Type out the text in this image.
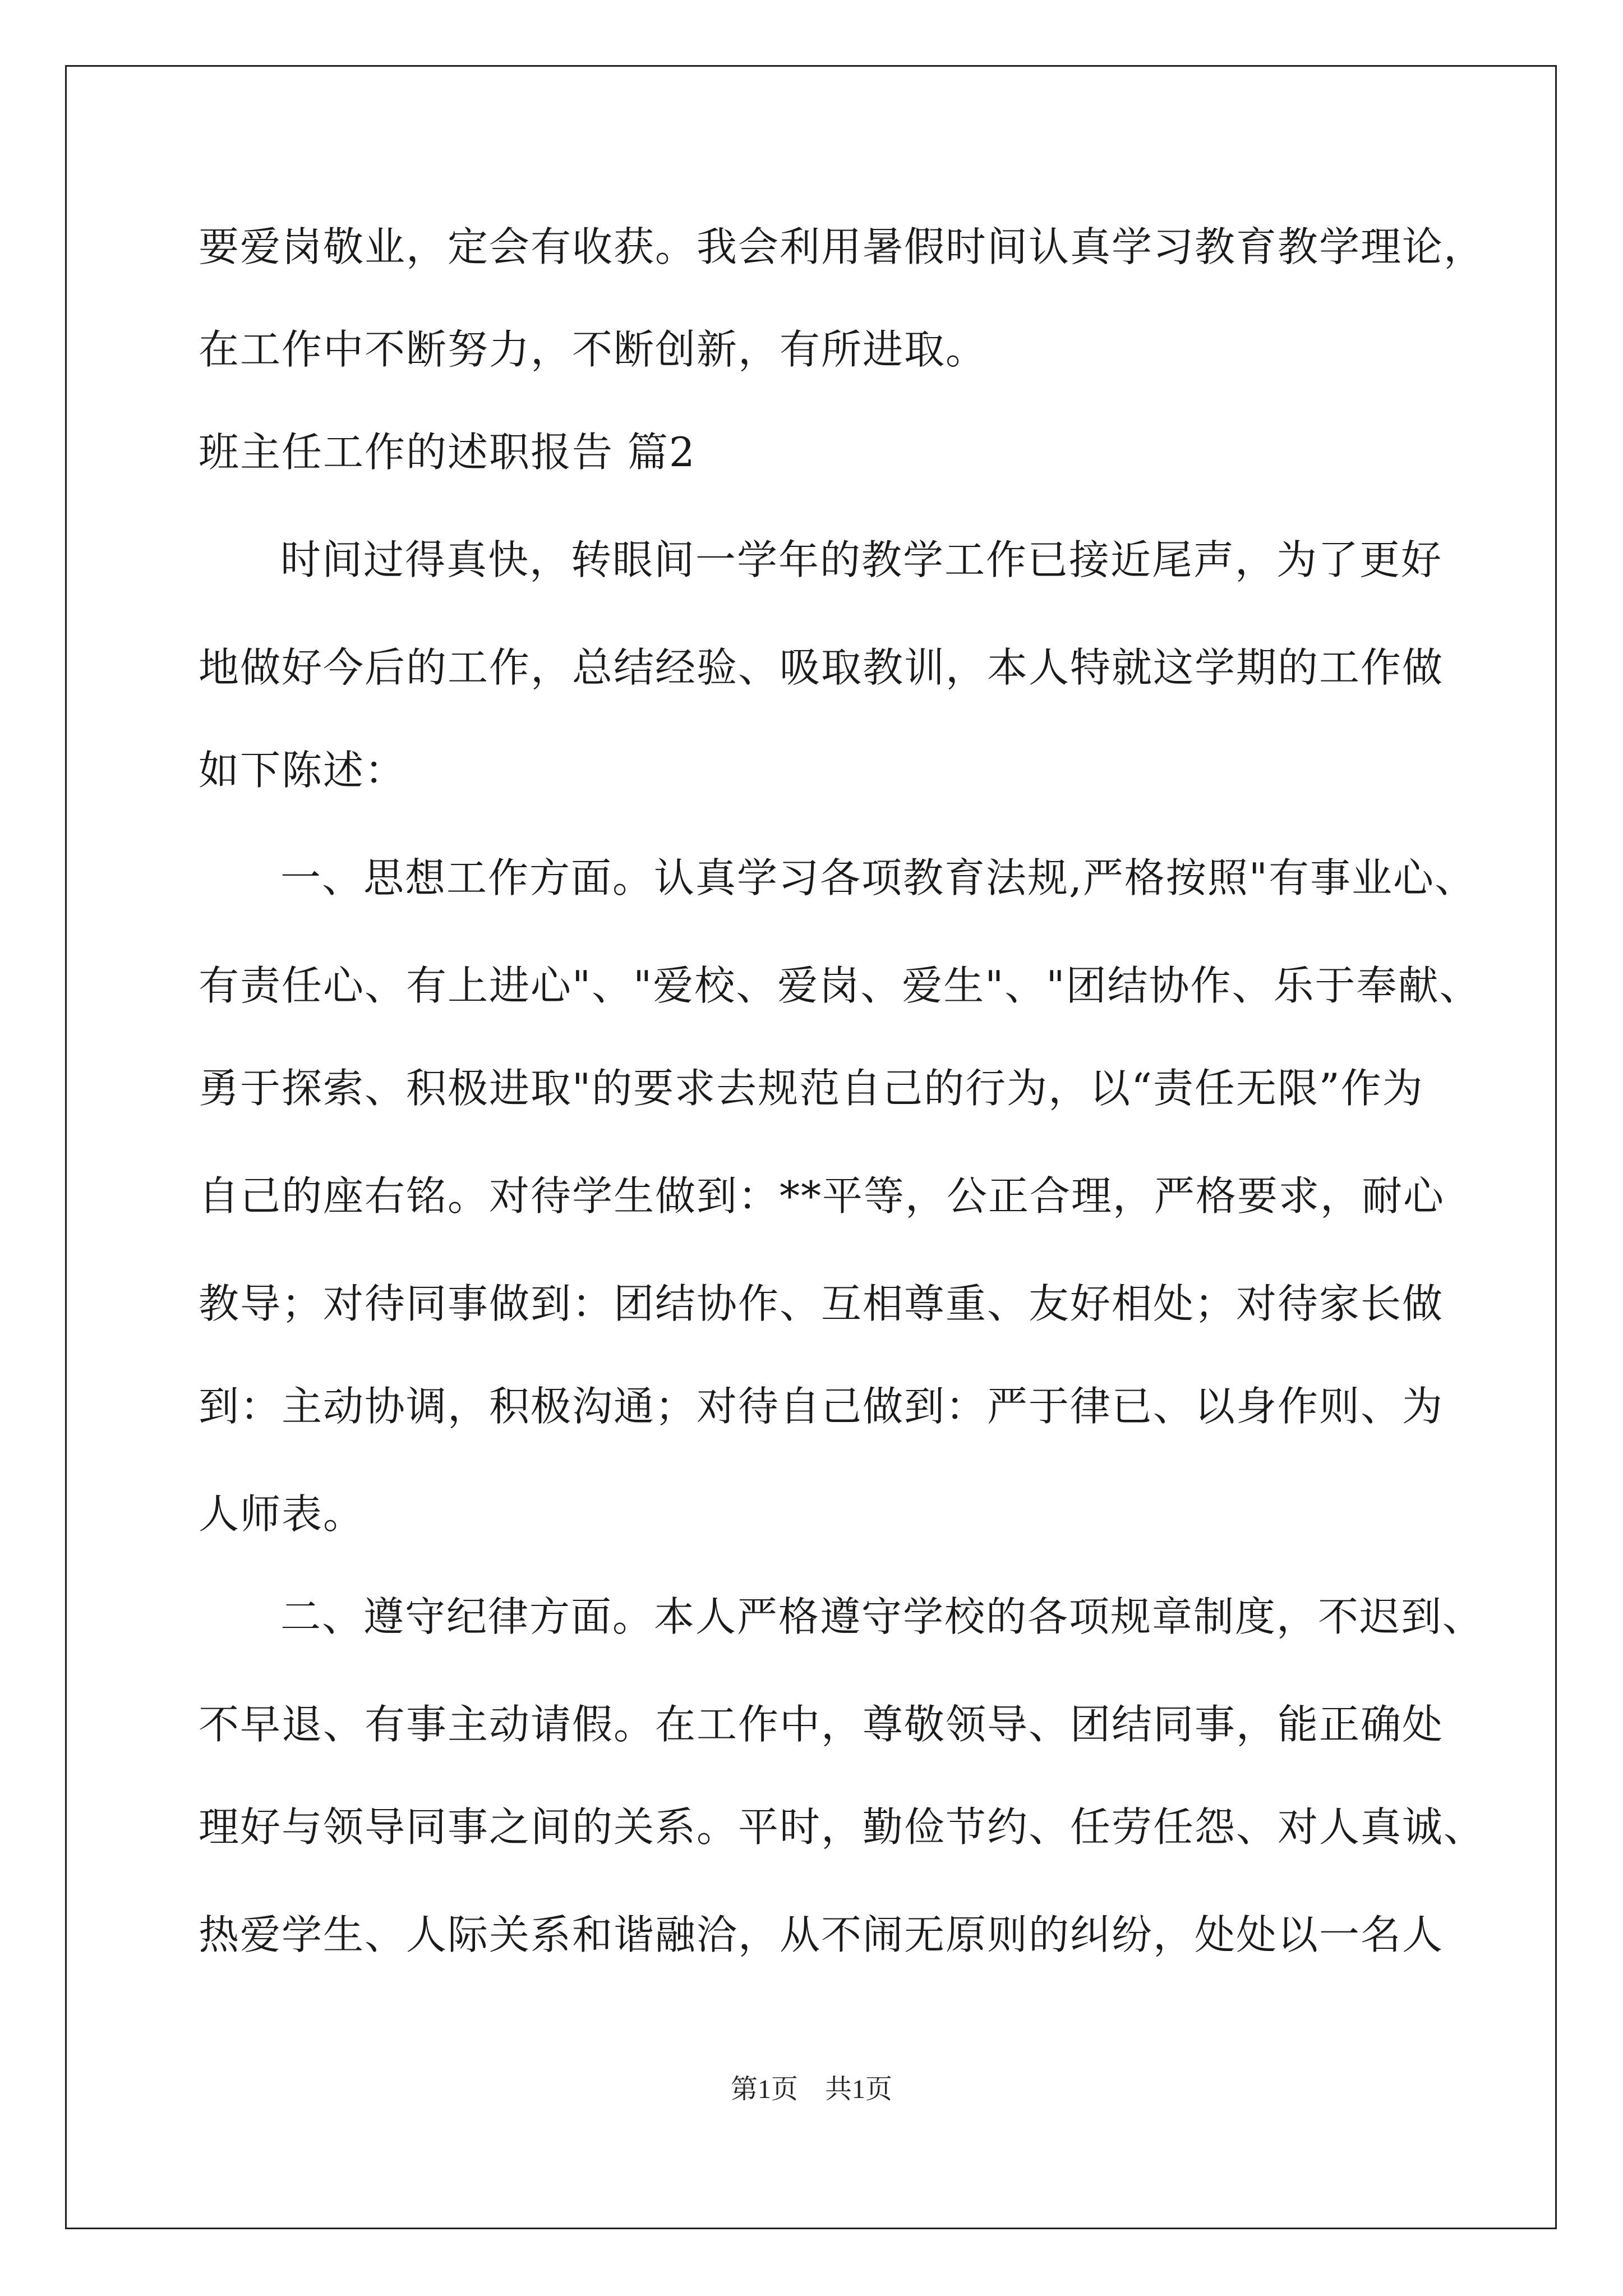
要爱岗敬业，定会有收获。我会利用暑假时间认真学习教育教学理论，
在工作中不断努力，不断创新，有所进取。
班主任工作的述职报告 篇2
时间过得真快，转眼间一学年的教学工作已接近尾声，为了更好
地做好今后的工作，总结经验、吸取教训，本人特就这学期的工作做
如下陈述：
一、思想工作方面。认真学习各项教育法规,严格按照"有事业心、
有责任心、有上进心"、"爱校、爱岗、爱生"、"团结协作、乐于奉献、
勇于探索、积极进取"的要求去规范自己的行为，以“责任无限”作为
自己的座右铭。对待学生做到：**平等，公正合理，严格要求，耐心
教导；对待同事做到：团结协作、互相尊重、友好相处；对待家长做
到：主动协调，积极沟通；对待自己做到：严于律已、以身作则、为
人师表。
二、遵守纪律方面。本人严格遵守学校的各项规章制度，不迟到、
不早退、有事主动请假。在工作中，尊敬领导、团结同事，能正确处
理好与领导同事之间的关系。平时，勤俭节约、任劳任怨、对人真诚、
热爱学生、人际关系和谐融洽，从不闹无原则的纠纷，处处以一名人
第1页 共1页
